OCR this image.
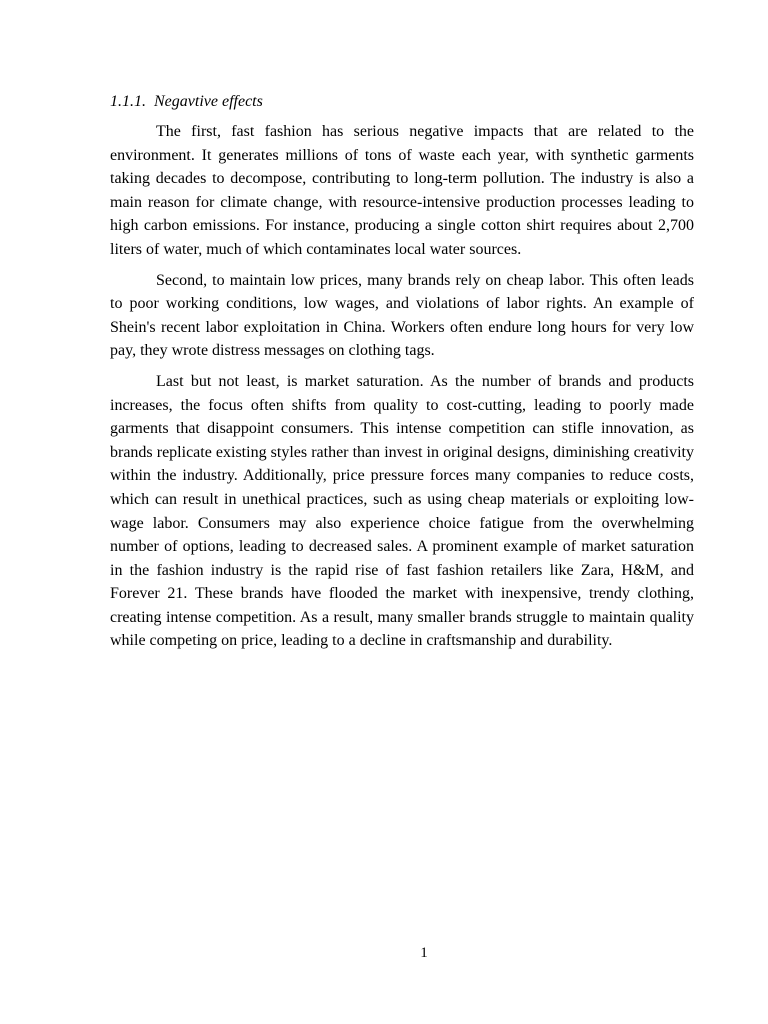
1.1.1.  Negavtive effects

The first, fast fashion has serious negative impacts that are related to the environment. It generates millions of tons of waste each year, with synthetic garments taking decades to decompose, contributing to long-term pollution. The industry is also a main reason for climate change, with resource-intensive production processes leading to high carbon emissions. For instance, producing a single cotton shirt requires about 2,700 liters of water, much of which contaminates local water sources.

Second, to maintain low prices, many brands rely on cheap labor. This often leads to poor working conditions, low wages, and violations of labor rights. An example of Shein's recent labor exploitation in China. Workers often endure long hours for very low pay, they wrote distress messages on clothing tags.

Last but not least, is market saturation. As the number of brands and products increases, the focus often shifts from quality to cost-cutting, leading to poorly made garments that disappoint consumers. This intense competition can stifle innovation, as brands replicate existing styles rather than invest in original designs, diminishing creativity within the industry. Additionally, price pressure forces many companies to reduce costs, which can result in unethical practices, such as using cheap materials or exploiting low-wage labor. Consumers may also experience choice fatigue from the overwhelming number of options, leading to decreased sales. A prominent example of market saturation in the fashion industry is the rapid rise of fast fashion retailers like Zara, H&M, and Forever 21. These brands have flooded the market with inexpensive, trendy clothing, creating intense competition. As a result, many smaller brands struggle to maintain quality while competing on price, leading to a decline in craftsmanship and durability.

1
